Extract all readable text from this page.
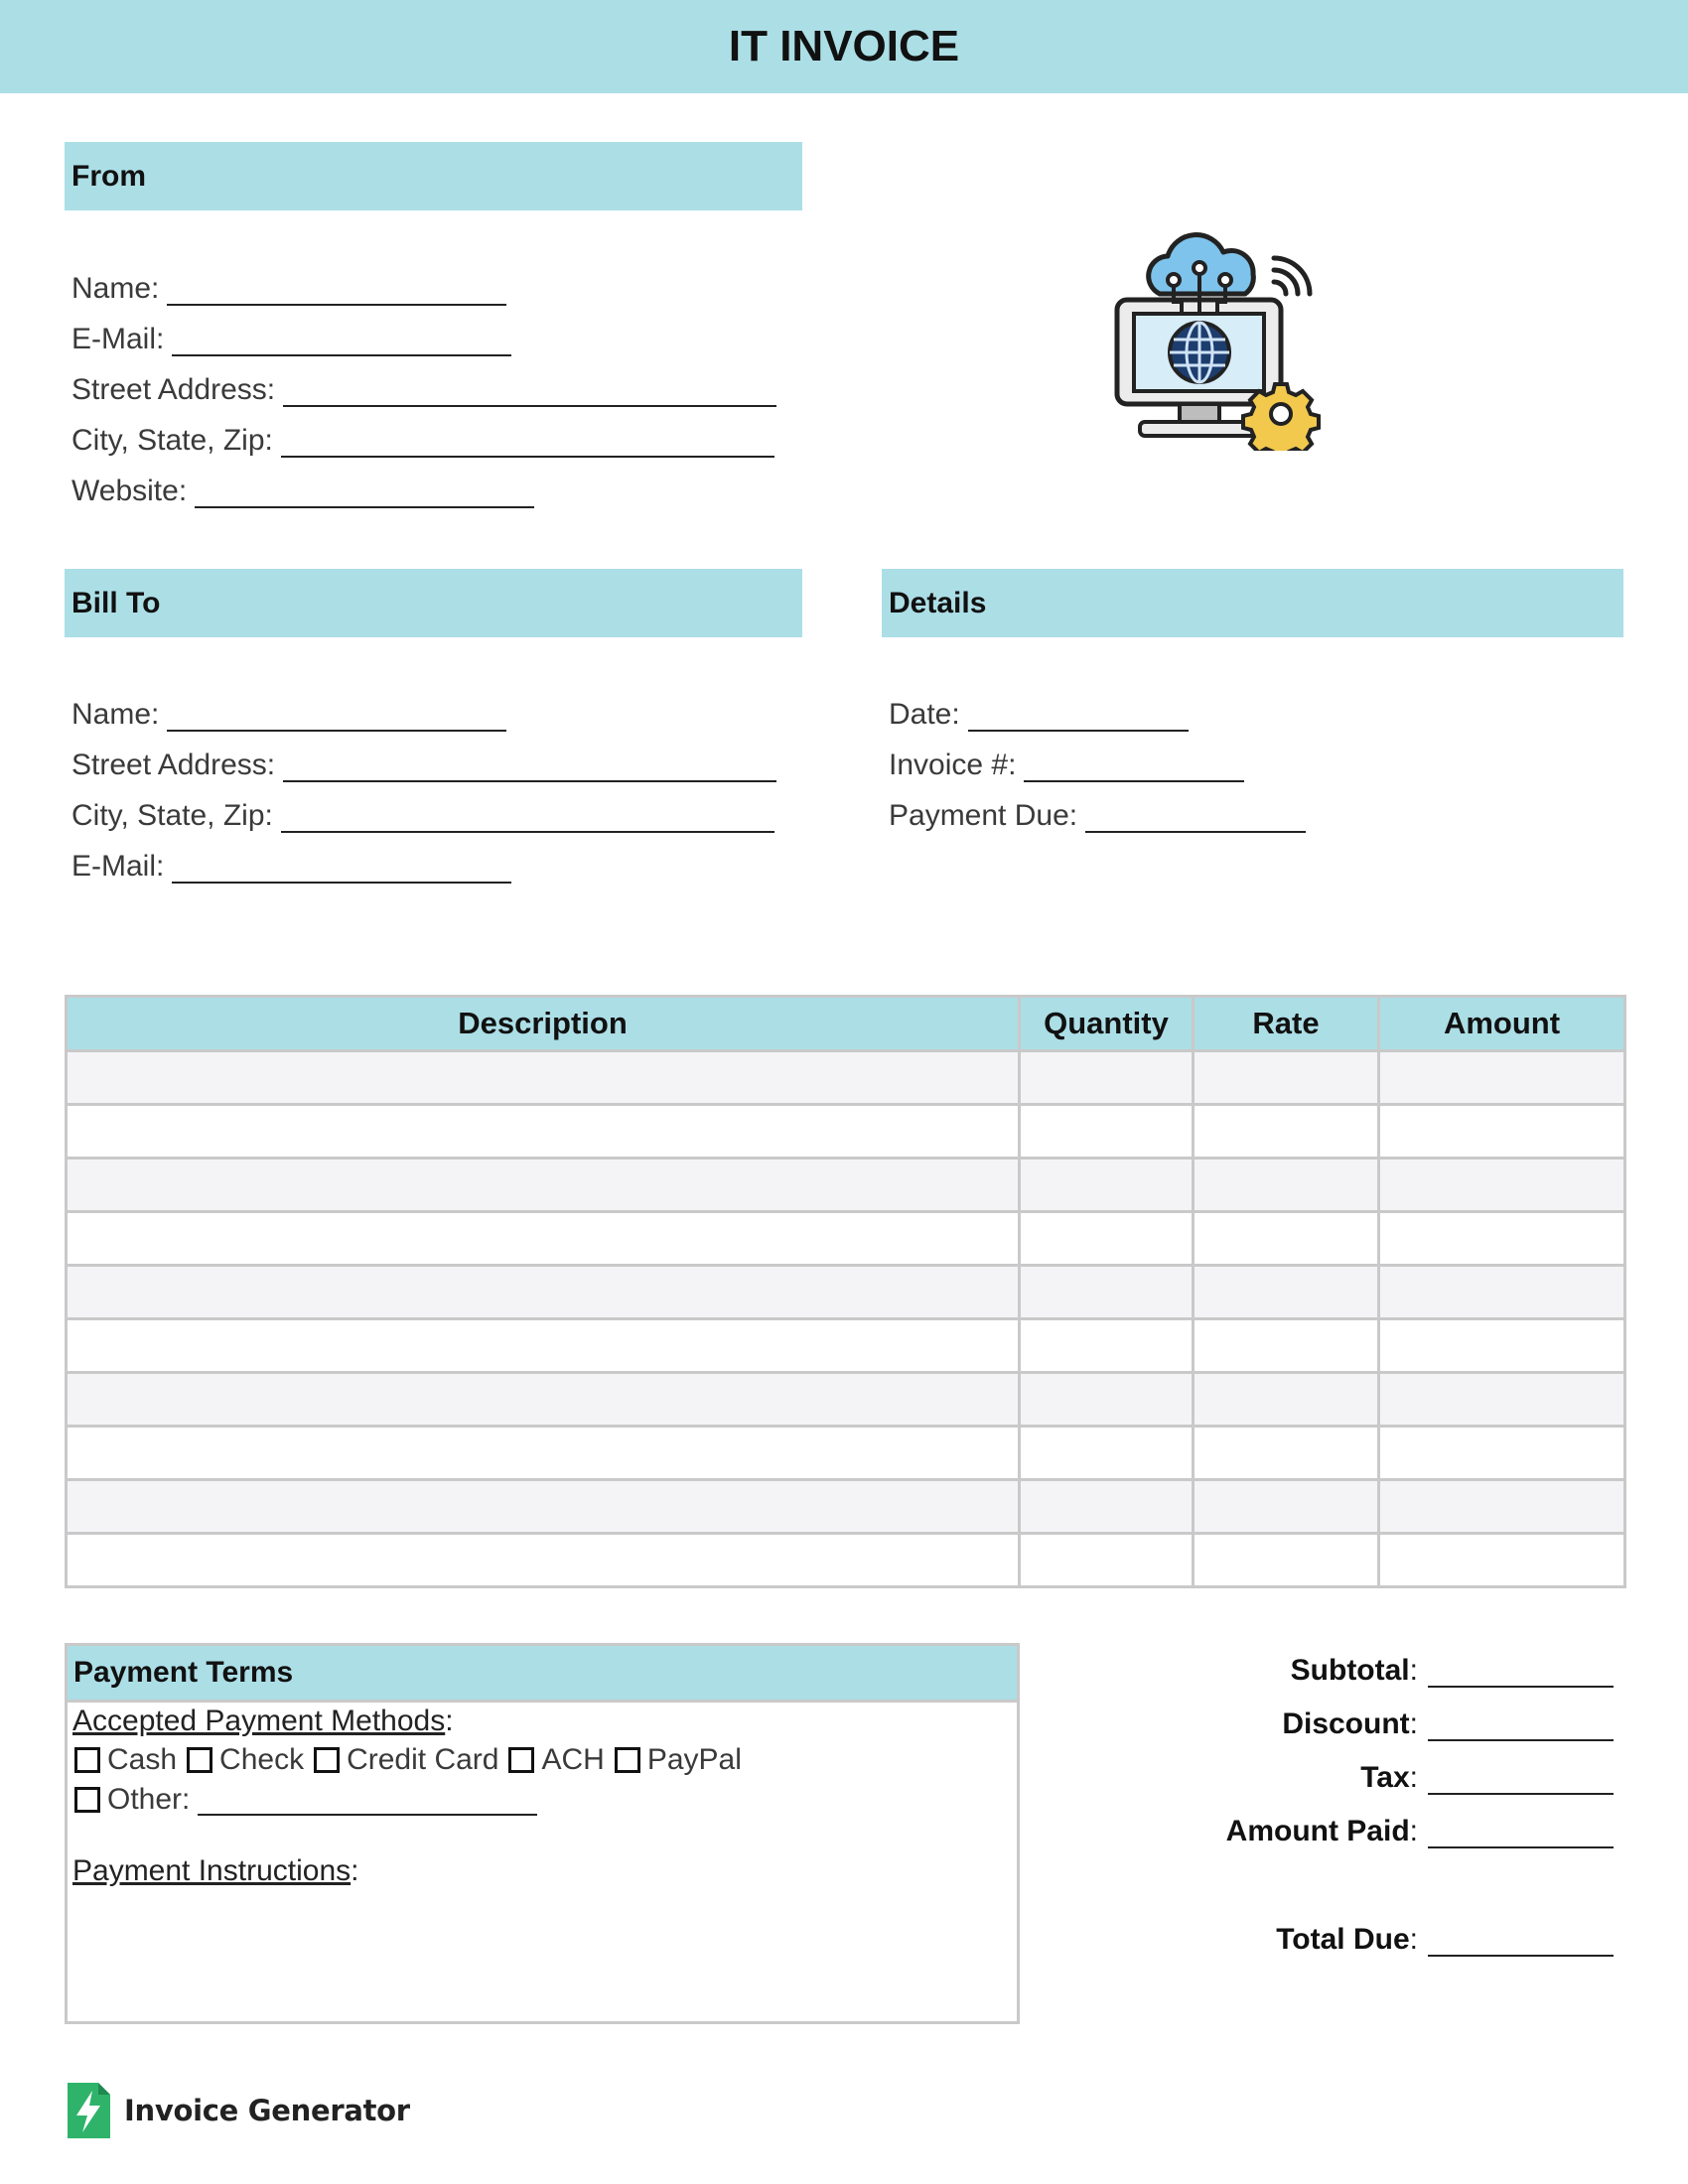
IT INVOICE
From
Name:
E-Mail:
Street Address:
City, State, Zip:
Website:
Bill To
Name:
Street Address:
City, State, Zip:
E-Mail:
Details
Date:
Invoice #:
Payment Due:
Description	Quantity	Rate	Amount

Payment Terms
Accepted Payment Methods:
Cash Check Credit Card ACH PayPal
Other:
Payment Instructions:
Subtotal:
Discount:
Tax:
Amount Paid:
Total Due:
Invoice Generator
